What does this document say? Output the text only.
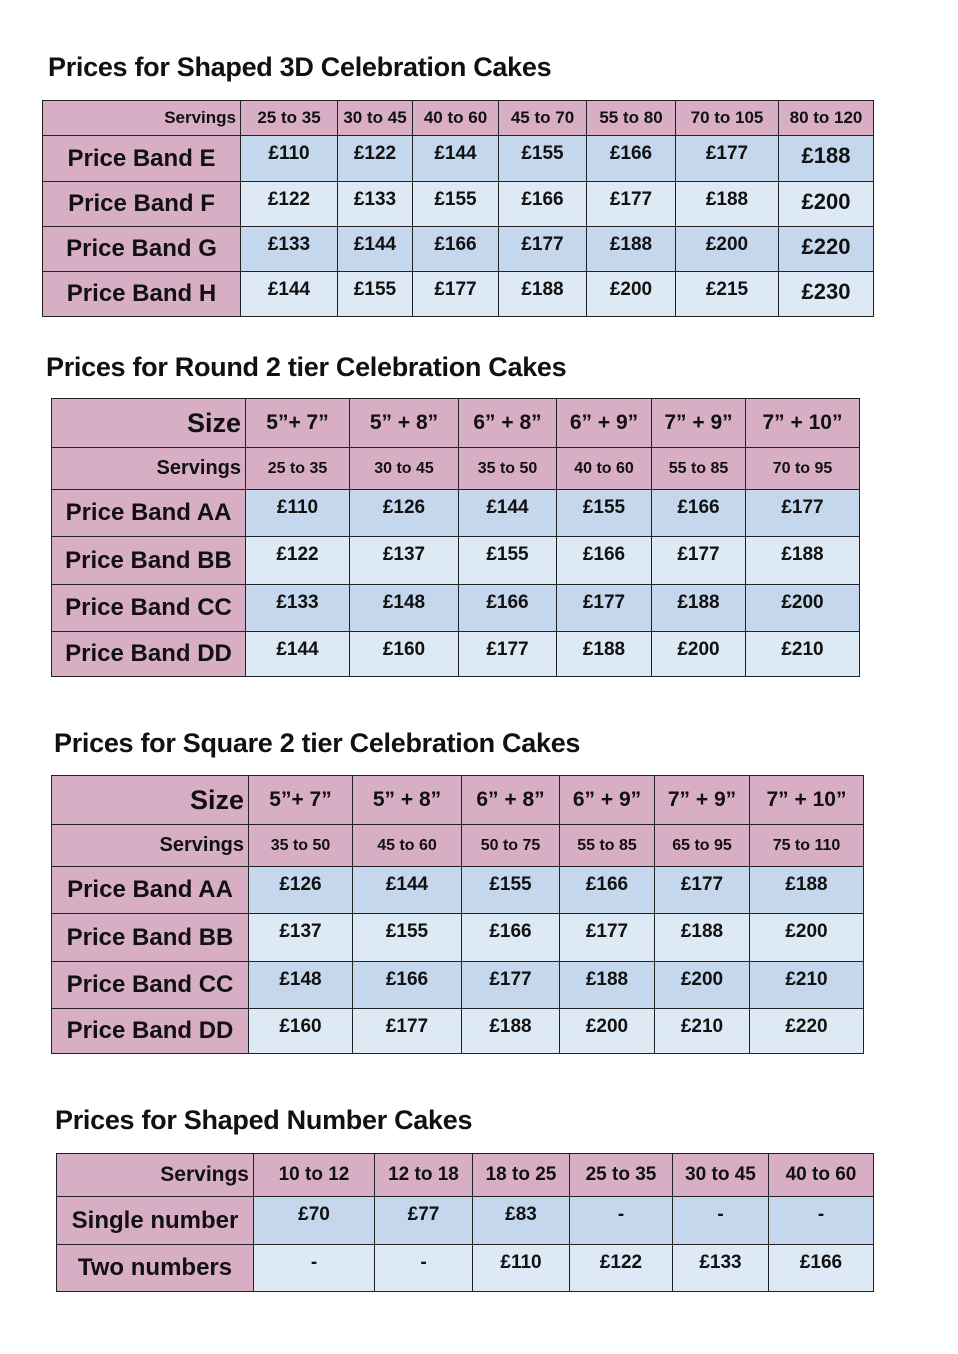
Prices for Shaped 3D Celebration Cakes
Servings	25 to 35	30 to 45	40 to 60	45 to 70	55 to 80	70 to 105	80 to 120
Price Band E	£110	£122	£144	£155	£166	£177	£188
Price Band F	£122	£133	£155	£166	£177	£188	£200
Price Band G	£133	£144	£166	£177	£188	£200	£220
Price Band H	£144	£155	£177	£188	£200	£215	£230
Prices for Round 2 tier Celebration Cakes
Size	5”+ 7”	5” + 8”	6” + 8”	6” + 9”	7” + 9”	7” + 10”
Servings	25 to 35	30 to 45	35 to 50	40 to 60	55 to 85	70 to 95
Price Band AA	£110	£126	£144	£155	£166	£177
Price Band BB	£122	£137	£155	£166	£177	£188
Price Band CC	£133	£148	£166	£177	£188	£200
Price Band DD	£144	£160	£177	£188	£200	£210
Prices for Square 2 tier Celebration Cakes
Size	5”+ 7”	5” + 8”	6” + 8”	6” + 9”	7” + 9”	7” + 10”
Servings	35 to 50	45 to 60	50 to 75	55 to 85	65 to 95	75 to 110
Price Band AA	£126	£144	£155	£166	£177	£188
Price Band BB	£137	£155	£166	£177	£188	£200
Price Band CC	£148	£166	£177	£188	£200	£210
Price Band DD	£160	£177	£188	£200	£210	£220
Prices for Shaped Number Cakes
Servings	10 to 12	12 to 18	18 to 25	25 to 35	30 to 45	40 to 60
Single number	£70	£77	£83	-	-	-
Two numbers	-	-	£110	£122	£133	£166
